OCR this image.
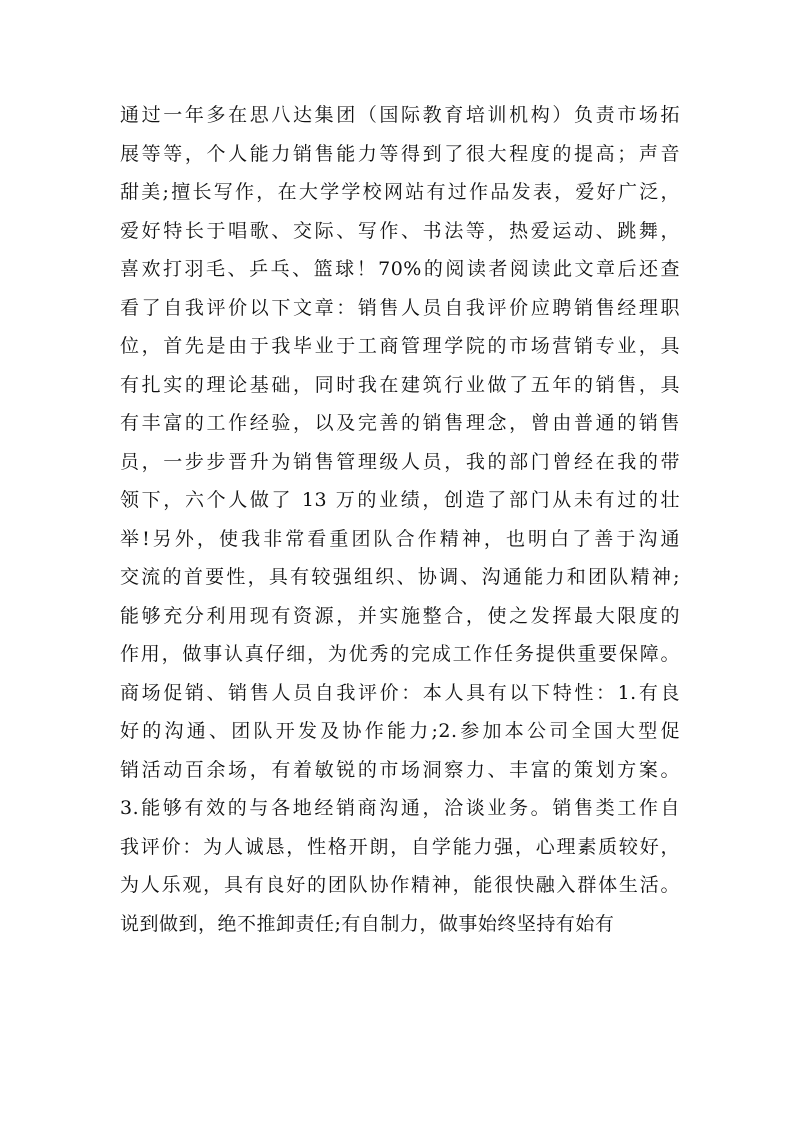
通过一年多在思八达集团（国际教育培训机构）负责市场拓
展等等，个人能力销售能力等得到了很大程度的提高；声音
甜美;擅长写作，在大学学校网站有过作品发表，爱好广泛，
爱好特长于唱歌、交际、写作、书法等，热爱运动、跳舞，
喜欢打羽毛、乒乓、篮球！70%的阅读者阅读此文章后还查
看了自我评价以下文章：销售人员自我评价应聘销售经理职
位，首先是由于我毕业于工商管理学院的市场营销专业，具
有扎实的理论基础，同时我在建筑行业做了五年的销售，具
有丰富的工作经验，以及完善的销售理念，曾由普通的销售
员，一步步晋升为销售管理级人员，我的部门曾经在我的带
领下，六个人做了 13 万的业绩，创造了部门从未有过的壮
举!另外，使我非常看重团队合作精神，也明白了善于沟通
交流的首要性，具有较强组织、协调、沟通能力和团队精神;
能够充分利用现有资源，并实施整合，使之发挥最大限度的
作用，做事认真仔细，为优秀的完成工作任务提供重要保障。
商场促销、销售人员自我评价：本人具有以下特性：1.有良
好的沟通、团队开发及协作能力;2.参加本公司全国大型促
销活动百余场，有着敏锐的市场洞察力、丰富的策划方案。
3.能够有效的与各地经销商沟通，洽谈业务。销售类工作自
我评价：为人诚恳，性格开朗，自学能力强，心理素质较好，
为人乐观，具有良好的团队协作精神，能很快融入群体生活。
说到做到，绝不推卸责任;有自制力，做事始终坚持有始有
